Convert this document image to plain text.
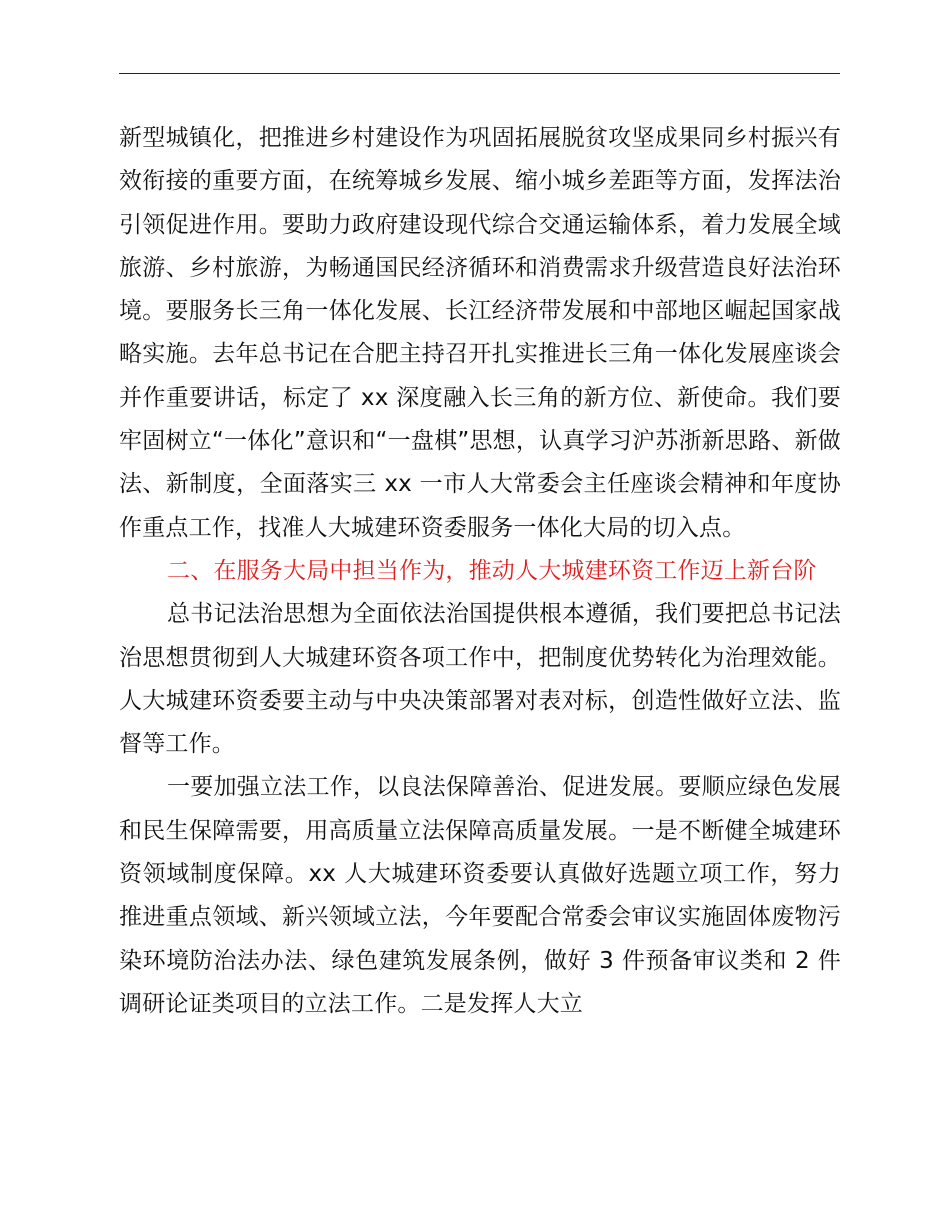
新型城镇化，把推进乡村建设作为巩固拓展脱贫攻坚成果同乡村振兴有效衔接的重要方面，在统筹城乡发展、缩小城乡差距等方面，发挥法治引领促进作用。要助力政府建设现代综合交通运输体系，着力发展全域旅游、乡村旅游，为畅通国民经济循环和消费需求升级营造良好法治环境。要服务长三角一体化发展、长江经济带发展和中部地区崛起国家战略实施。去年总书记在合肥主持召开扎实推进长三角一体化发展座谈会并作重要讲话，标定了 xx 深度融入长三角的新方位、新使命。我们要牢固树立“一体化”意识和“一盘棋”思想，认真学习沪苏浙新思路、新做法、新制度，全面落实三 xx 一市人大常委会主任座谈会精神和年度协作重点工作，找准人大城建环资委服务一体化大局的切入点。

二、在服务大局中担当作为，推动人大城建环资工作迈上新台阶

总书记法治思想为全面依法治国提供根本遵循，我们要把总书记法治思想贯彻到人大城建环资各项工作中，把制度优势转化为治理效能。人大城建环资委要主动与中央决策部署对表对标，创造性做好立法、监督等工作。

一要加强立法工作，以良法保障善治、促进发展。要顺应绿色发展和民生保障需要，用高质量立法保障高质量发展。一是不断健全城建环资领域制度保障。xx 人大城建环资委要认真做好选题立项工作，努力推进重点领域、新兴领域立法，今年要配合常委会审议实施固体废物污染环境防治法办法、绿色建筑发展条例，做好 3 件预备审议类和 2 件调研论证类项目的立法工作。二是发挥人大立
